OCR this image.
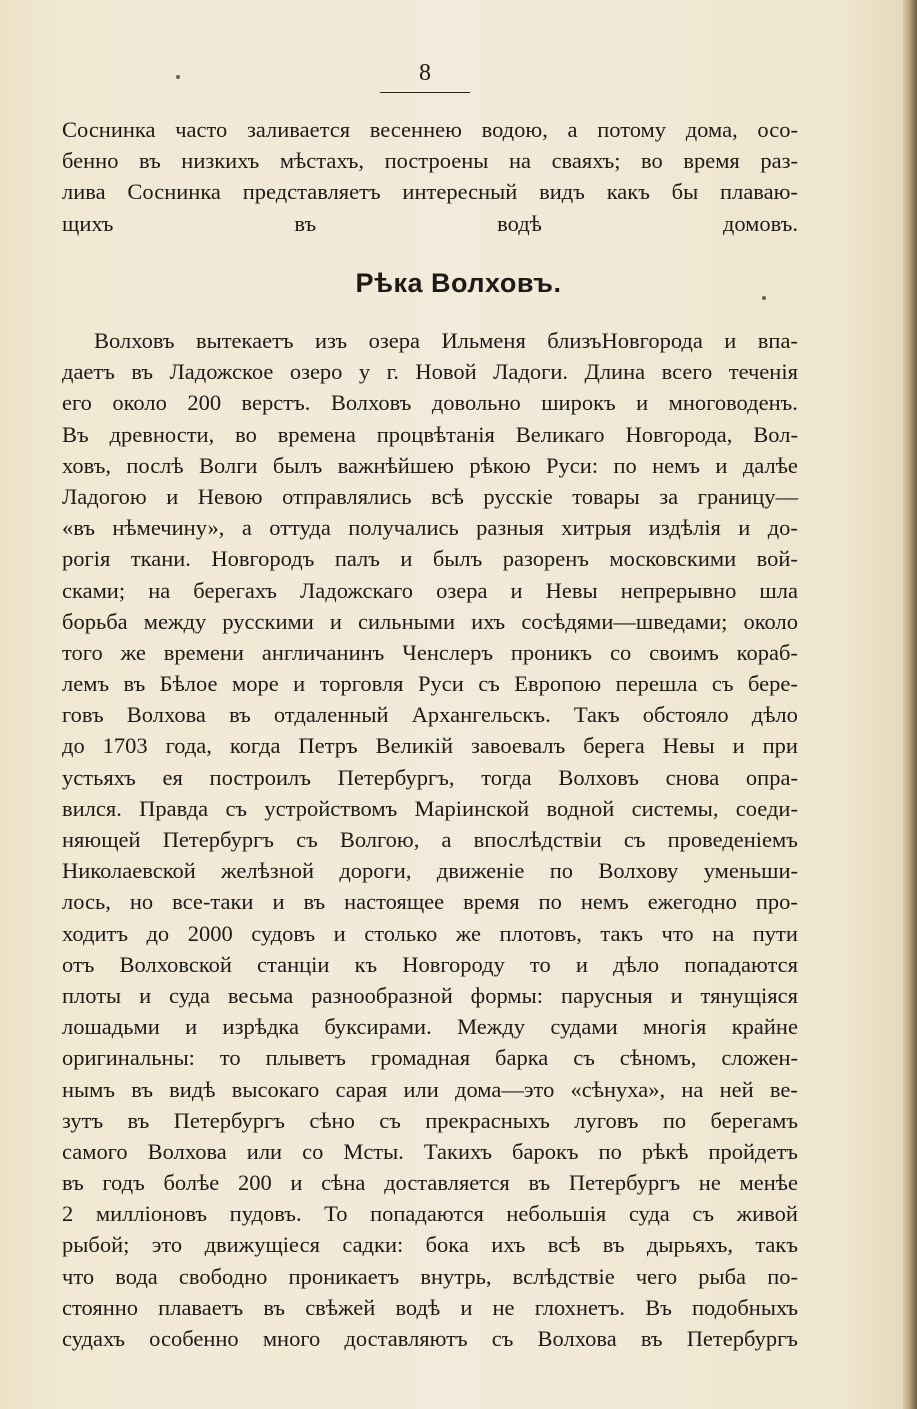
8
Соснинка часто заливается весеннею водою, а потому дома, осо-
бенно въ низкихъ мѣстахъ, построены на сваяхъ; во время раз-
лива Соснинка представляетъ интересный видъ какъ бы плаваю-
щихъ въ водѣ домовъ.
Рѣка Волховъ.
Волховъ вытекаетъ изъ озера Ильменя близъНовгорода и впа-
даетъ въ Ладожское озеро у г. Новой Ладоги. Длина всего теченія
его около 200 верстъ. Волховъ довольно широкъ и многоводенъ.
Въ древности, во времена процвѣтанія Великаго Новгорода, Вол-
ховъ, послѣ Волги былъ важнѣйшею рѣкою Руси: по немъ и далѣе
Ладогою и Невою отправлялись всѣ русскіе товары за границу—
«въ нѣмечину», а оттуда получались разныя хитрыя издѣлія и до-
рогія ткани. Новгородъ палъ и былъ разоренъ московскими вой-
сками; на берегахъ Ладожскаго озера и Невы непрерывно шла
борьба между русскими и сильными ихъ сосѣдями—шведами; около
того же времени англичанинъ Ченслеръ проникъ со своимъ кораб-
лемъ въ Бѣлое море и торговля Руси съ Европою перешла съ бере-
говъ Волхова въ отдаленный Архангельскъ. Такъ обстояло дѣло
до 1703 года, когда Петръ Великій завоевалъ берега Невы и при
устьяхъ ея построилъ Петербургъ, тогда Волховъ снова опра-
вился. Правда съ устройствомъ Маріинской водной системы, соеди-
няющей Петербургъ съ Волгою, а впослѣдствіи съ проведеніемъ
Николаевской желѣзной дороги, движеніе по Волхову уменьши-
лось, но все-таки и въ настоящее время по немъ ежегодно про-
ходитъ до 2000 судовъ и столько же плотовъ, такъ что на пути
отъ Волховской станціи къ Новгороду то и дѣло попадаются
плоты и суда весьма разнообразной формы: парусныя и тянущіяся
лошадьми и изрѣдка буксирами. Между судами многія крайне
оригинальны: то плыветъ громадная барка съ сѣномъ, сложен-
нымъ въ видѣ высокаго сарая или дома—это «сѣнуха», на ней ве-
зутъ въ Петербургъ сѣно съ прекрасныхъ луговъ по берегамъ
самого Волхова или со Мсты. Такихъ барокъ по рѣкѣ пройдетъ
въ годъ болѣе 200 и сѣна доставляется въ Петербургъ не менѣе
2 милліоновъ пудовъ. То попадаются небольшія суда съ живой
рыбой; это движущіеся садки: бока ихъ всѣ въ дырьяхъ, такъ
что вода свободно проникаетъ внутрь, вслѣдствіе чего рыба по-
стоянно плаваетъ въ свѣжей водѣ и не глохнетъ. Въ подобныхъ
судахъ особенно много доставляютъ съ Волхова въ Петербургъ
